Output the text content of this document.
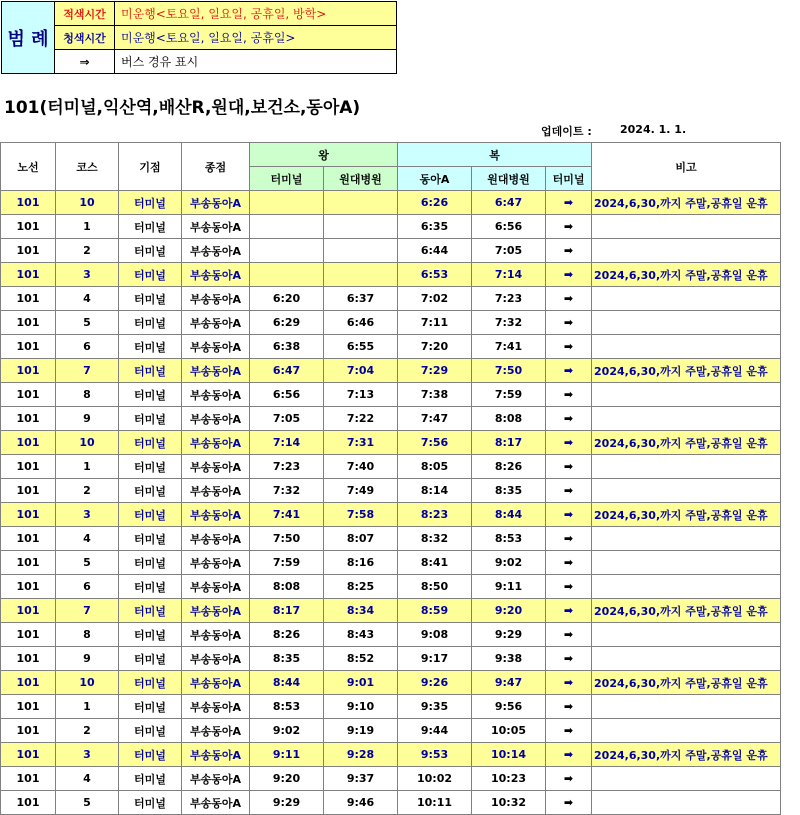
범 례	적색시간	미운행<토요일, 일요일, 공휴일, 방학>
	청색시간	미운행<토요일, 일요일, 공휴일>
	⇒	버스 경유 표시
101(터미널,익산역,배산R,원대,보건소,동아A)
업데이트 :	2024. 1. 1.
노선	코스	기점	종점	왕		복			비고
				터미널	원대병원	동아A	원대병원	터미널	
101	10	터미널	부송동아A			6:26	6:47	➡	2024,6,30,까지 주말,공휴일 운휴
101	1	터미널	부송동아A			6:35	6:56	➡	
101	2	터미널	부송동아A			6:44	7:05	➡	
101	3	터미널	부송동아A			6:53	7:14	➡	2024,6,30,까지 주말,공휴일 운휴
101	4	터미널	부송동아A	6:20	6:37	7:02	7:23	➡	
101	5	터미널	부송동아A	6:29	6:46	7:11	7:32	➡	
101	6	터미널	부송동아A	6:38	6:55	7:20	7:41	➡	
101	7	터미널	부송동아A	6:47	7:04	7:29	7:50	➡	2024,6,30,까지 주말,공휴일 운휴
101	8	터미널	부송동아A	6:56	7:13	7:38	7:59	➡	
101	9	터미널	부송동아A	7:05	7:22	7:47	8:08	➡	
101	10	터미널	부송동아A	7:14	7:31	7:56	8:17	➡	2024,6,30,까지 주말,공휴일 운휴
101	1	터미널	부송동아A	7:23	7:40	8:05	8:26	➡	
101	2	터미널	부송동아A	7:32	7:49	8:14	8:35	➡	
101	3	터미널	부송동아A	7:41	7:58	8:23	8:44	➡	2024,6,30,까지 주말,공휴일 운휴
101	4	터미널	부송동아A	7:50	8:07	8:32	8:53	➡	
101	5	터미널	부송동아A	7:59	8:16	8:41	9:02	➡	
101	6	터미널	부송동아A	8:08	8:25	8:50	9:11	➡	
101	7	터미널	부송동아A	8:17	8:34	8:59	9:20	➡	2024,6,30,까지 주말,공휴일 운휴
101	8	터미널	부송동아A	8:26	8:43	9:08	9:29	➡	
101	9	터미널	부송동아A	8:35	8:52	9:17	9:38	➡	
101	10	터미널	부송동아A	8:44	9:01	9:26	9:47	➡	2024,6,30,까지 주말,공휴일 운휴
101	1	터미널	부송동아A	8:53	9:10	9:35	9:56	➡	
101	2	터미널	부송동아A	9:02	9:19	9:44	10:05	➡	
101	3	터미널	부송동아A	9:11	9:28	9:53	10:14	➡	2024,6,30,까지 주말,공휴일 운휴
101	4	터미널	부송동아A	9:20	9:37	10:02	10:23	➡	
101	5	터미널	부송동아A	9:29	9:46	10:11	10:32	➡	
